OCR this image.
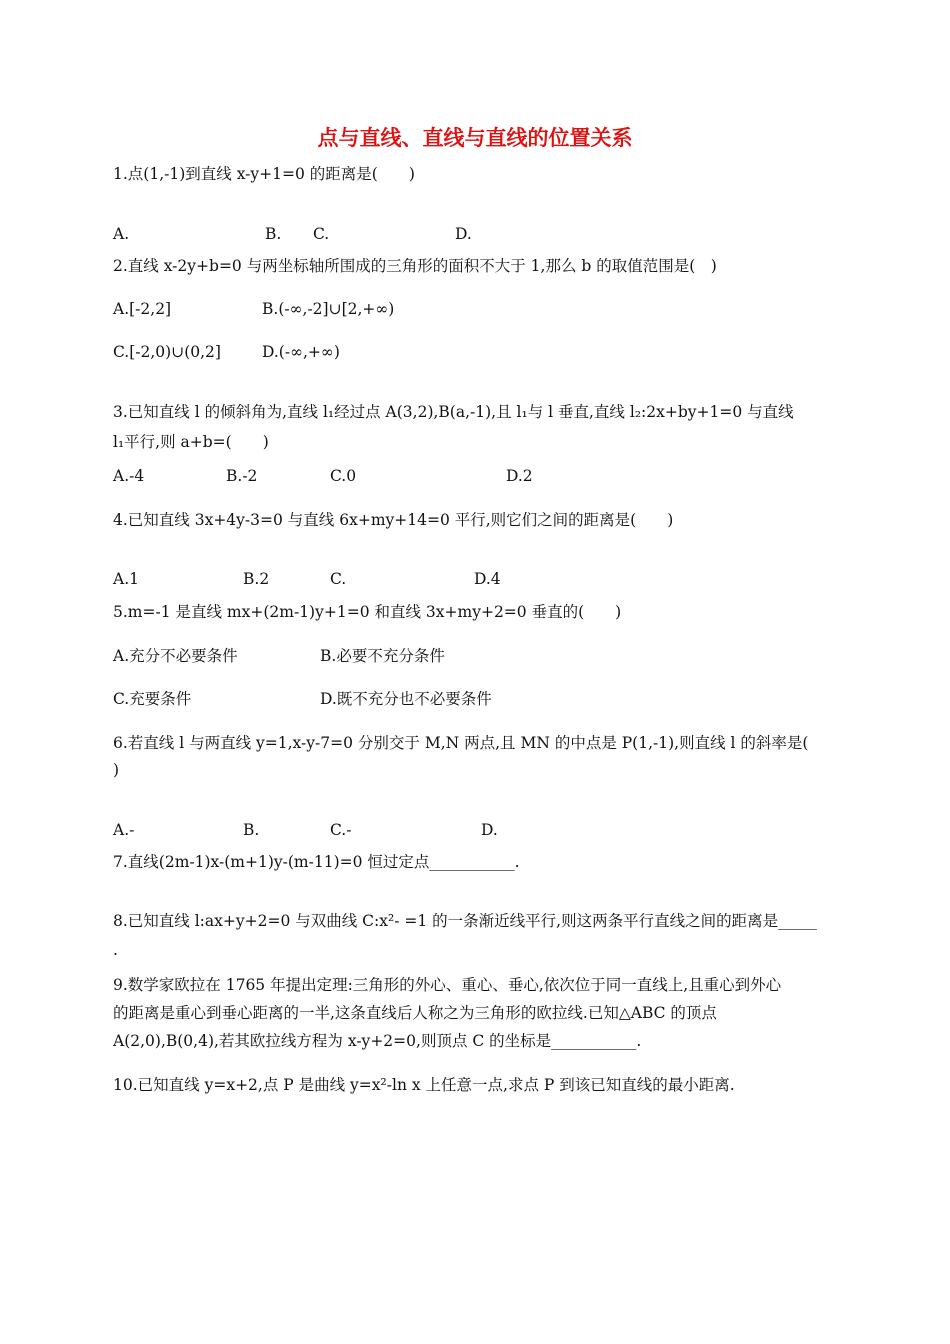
点与直线、直线与直线的位置关系
1.点(1,-1)到直线 x-y+1=0 的距离是(　　)
A.	B. C.	D.
2.直线 x-2y+b=0 与两坐标轴所围成的三角形的面积不大于 1,那么 b 的取值范围是(　)
A.[-2,2]	B.(-∞,-2]∪[2,+∞)
C.[-2,0)∪(0,2]	D.(-∞,+∞)
3.已知直线 l 的倾斜角为,直线 l₁经过点 A(3,2),B(a,-1),且 l₁与 l 垂直,直线 l₂:2x+by+1=0 与直线
l₁平行,则 a+b=(　　)
A.-4	B.-2	C.0	D.2
4.已知直线 3x+4y-3=0 与直线 6x+my+14=0 平行,则它们之间的距离是(　　)
A.1	B.2	C.	D.4
5.m=-1 是直线 mx+(2m-1)y+1=0 和直线 3x+my+2=0 垂直的(　　)
A.充分不必要条件	B.必要不充分条件
C.充要条件	D.既不充分也不必要条件
6.若直线 l 与两直线 y=1,x-y-7=0 分别交于 M,N 两点,且 MN 的中点是 P(1,-1),则直线 l 的斜率是(
)
A.-	B.	C.-	D.
7.直线(2m-1)x-(m+1)y-(m-11)=0 恒过定点___________.
8.已知直线 l:ax+y+2=0 与双曲线 C:x²- =1 的一条渐近线平行,则这两条平行直线之间的距离是_____
.
9.数学家欧拉在 1765 年提出定理:三角形的外心、重心、垂心,依次位于同一直线上,且重心到外心
的距离是重心到垂心距离的一半,这条直线后人称之为三角形的欧拉线.已知△ABC 的顶点
A(2,0),B(0,4),若其欧拉线方程为 x-y+2=0,则顶点 C 的坐标是___________.
10.已知直线 y=x+2,点 P 是曲线 y=x²-ln x 上任意一点,求点 P 到该已知直线的最小距离.
